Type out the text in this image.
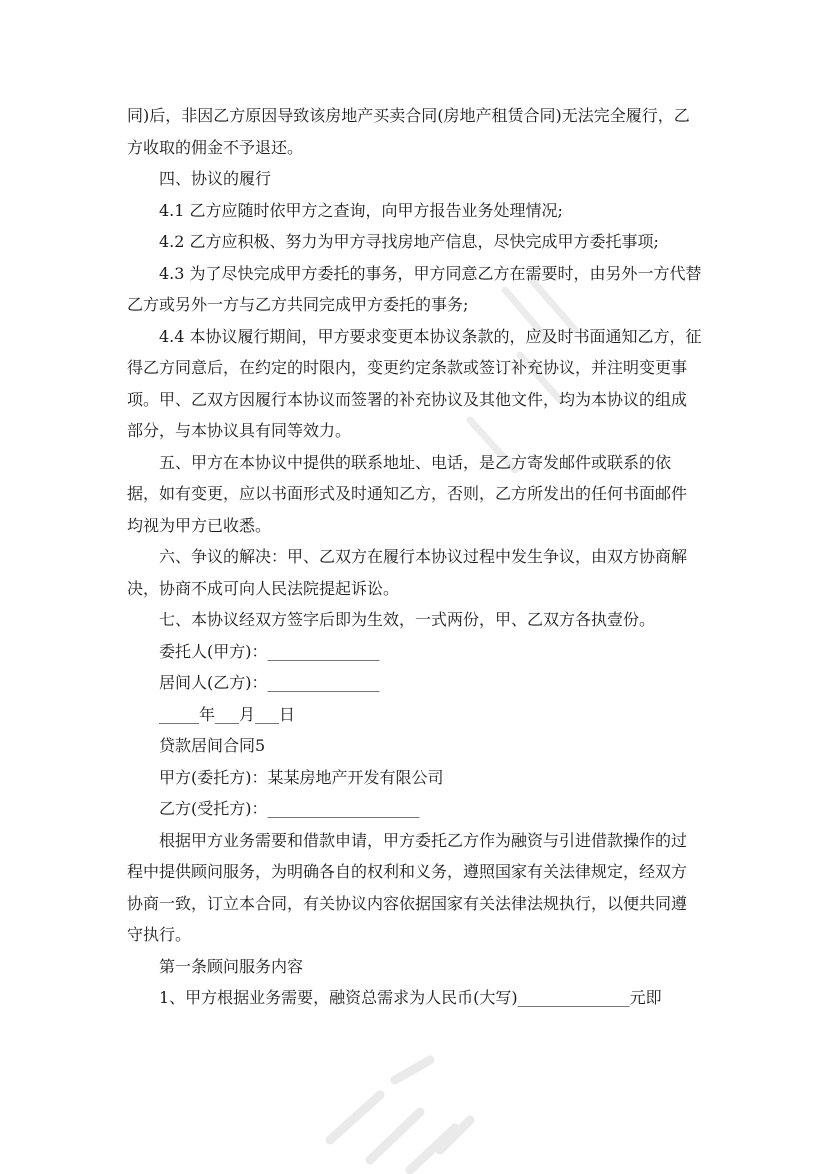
同)后，非因乙方原因导致该房地产买卖合同(房地产租赁合同)无法完全履行，乙方收取的佣金不予退还。

四、协议的履行

4.1 乙方应随时依甲方之查询，向甲方报告业务处理情况;

4.2 乙方应积极、努力为甲方寻找房地产信息，尽快完成甲方委托事项;

4.3 为了尽快完成甲方委托的事务，甲方同意乙方在需要时，由另外一方代替乙方或另外一方与乙方共同完成甲方委托的事务;

4.4 本协议履行期间，甲方要求变更本协议条款的，应及时书面通知乙方，征得乙方同意后，在约定的时限内，变更约定条款或签订补充协议，并注明变更事项。甲、乙双方因履行本协议而签署的补充协议及其他文件，均为本协议的组成部分，与本协议具有同等效力。

五、甲方在本协议中提供的联系地址、电话，是乙方寄发邮件或联系的依据，如有变更，应以书面形式及时通知乙方，否则，乙方所发出的任何书面邮件均视为甲方已收悉。

六、争议的解决：甲、乙双方在履行本协议过程中发生争议，由双方协商解决，协商不成可向人民法院提起诉讼。

七、本协议经双方签字后即为生效，一式两份，甲、乙双方各执壹份。

委托人(甲方)：______________

居间人(乙方)：______________

_____年___月___日

贷款居间合同5

甲方(委托方)：某某房地产开发有限公司

乙方(受托方)：___________________

根据甲方业务需要和借款申请，甲方委托乙方作为融资与引进借款操作的过程中提供顾问服务，为明确各自的权利和义务，遵照国家有关法律规定，经双方协商一致，订立本合同，有关协议内容依据国家有关法律法规执行，以便共同遵守执行。

第一条顾问服务内容

1、甲方根据业务需要，融资总需求为人民币(大写)______________元即
